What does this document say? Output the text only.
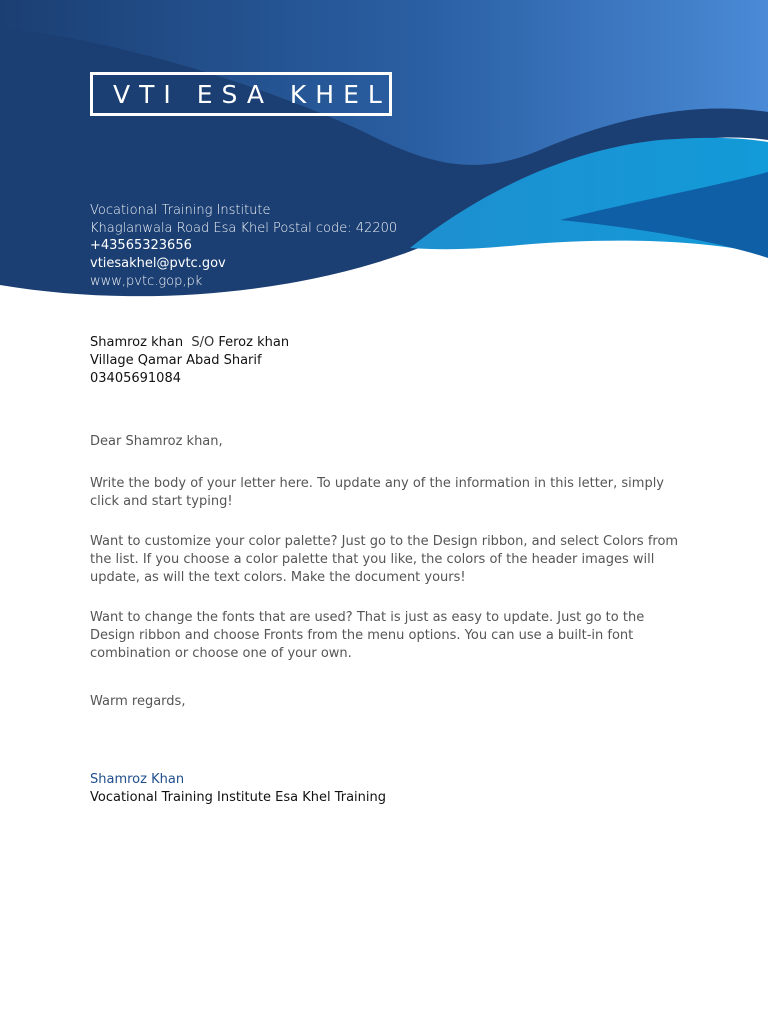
VTI ESA KHEL
Vocational Training Institute
Khaglanwala Road Esa Khel Postal code: 42200
+43565323656
vtiesakhel@pvtc.gov
www,pvtc.gop,pk
Shamroz khan S/O Feroz khan
Village Qamar Abad Sharif
03405691084
Dear Shamroz khan,
Write the body of your letter here. To update any of the information in this letter, simply click and start typing!
Want to customize your color palette? Just go to the Design ribbon, and select Colors from the list. If you choose a color palette that you like, the colors of the header images will update, as will the text colors. Make the document yours!
Want to change the fonts that are used? That is just as easy to update. Just go to the Design ribbon and choose Fronts from the menu options. You can use a built-in font combination or choose one of your own.
Warm regards,
Shamroz Khan
Vocational Training Institute Esa Khel Training
